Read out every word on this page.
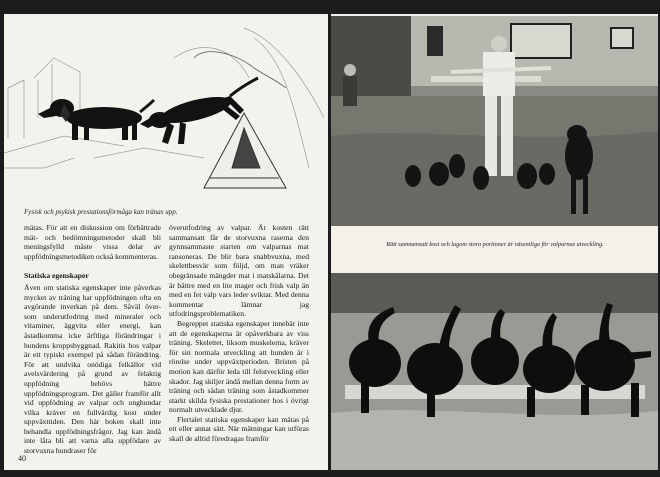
Fysisk och psykisk prestationsförmåga kan tränas upp.

mätas. För att en diskussion om förbättrade mät- och bedömningsmetoder skall bli meningsfylld måste vissa delar av uppfödningsmetodiken också kommenteras.

Statiska egenskaper

Även om statiska egenskaper inte påverkas mycket av träning har uppfödningen ofta en avgörande inverkan på dem. Såväl över- som underutfodring med mineraler och vitaminer, äggvita eller energi, kan åstadkomma icke ärftliga förändringar i hundens kroppsbyggnad. Rakitis hos valpar är ett typiskt exempel på sådan förändring. För att undvika onödiga felkällor vid avelsvärdering på grund av felaktig uppfödning behövs bättre uppfödningsprogram. Det gäller framför allt vid uppfödning av valpar och unghundar vilka kräver en fullvärdig kost under uppväxttiden. Den här boken skall inte behandla uppfödningsfrågor. Jag kan ändå inte låta bli att varna alla uppfödare av storvuxna hundraser för

överutfodring av valpar. Är kosten rätt sammansatt får de storvuxna raserna den gynnsammaste starten om valparnas mat ransoneras. De blir bara snabbvuxna, med skelettbesvär som följd, om man vräker obegränsade mängder mat i matskålarna. Det är bättre med en lite mager och frisk valp än med en fet valp vars leder sviktar. Med denna kommentar lämnar jag utfodringsproblematiken.

Begreppet statiska egenskaper innebär inte att de egenskaperna är opåverkbara av viss träning. Skelettet, liksom muskelerna, kräver för sin normala utveckling att hunden är i rörelse under uppväxtperioden. Bristen på motion kan därför leda till felutveckling eller skador. Jag skiljer ändå mellan denna form av träning och sådan träning som åstadkommer starkt skilda fysiska prestationer hos i övrigt normalt utvecklade djur.

Flertalet statiska egenskaper kan mätas på ett eller annat sätt. När mätningar kan utföras skall de alltid föredragas framför

40
Rätt sammansatt kost och lagom stora portioner är väsentliga för valparnas utveckling.
